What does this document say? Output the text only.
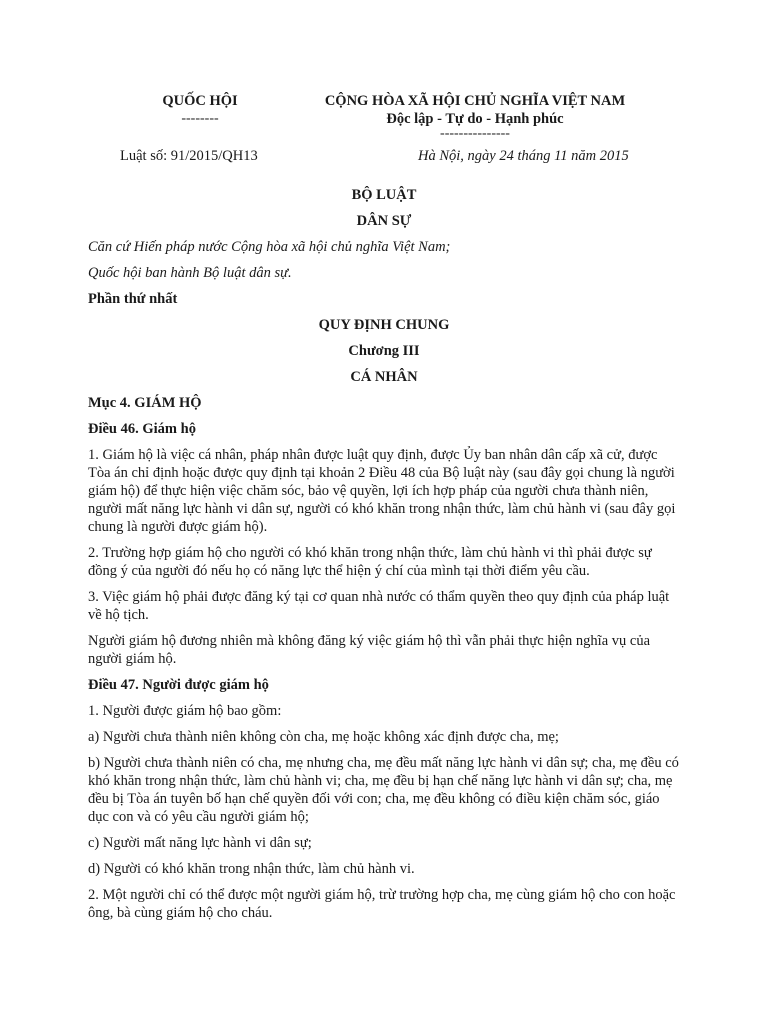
QUỐC HỘI
--------
CỘNG HÒA XÃ HỘI CHỦ NGHĨA VIỆT NAM
Độc lập - Tự do - Hạnh phúc
---------------
Luật số: 91/2015/QH13	Hà Nội, ngày 24 tháng 11 năm 2015

BỘ LUẬT

DÂN SỰ

Căn cứ Hiến pháp nước Cộng hòa xã hội chủ nghĩa Việt Nam;

Quốc hội ban hành Bộ luật dân sự.

Phần thứ nhất

QUY ĐỊNH CHUNG

Chương III

CÁ NHÂN

Mục 4. GIÁM HỘ

Điều 46. Giám hộ

1. Giám hộ là việc cá nhân, pháp nhân được luật quy định, được Ủy ban nhân dân cấp xã cử, được Tòa án chỉ định hoặc được quy định tại khoản 2 Điều 48 của Bộ luật này (sau đây gọi chung là người giám hộ) để thực hiện việc chăm sóc, bảo vệ quyền, lợi ích hợp pháp của người chưa thành niên, người mất năng lực hành vi dân sự, người có khó khăn trong nhận thức, làm chủ hành vi (sau đây gọi chung là người được giám hộ).

2. Trường hợp giám hộ cho người có khó khăn trong nhận thức, làm chủ hành vi thì phải được sự đồng ý của người đó nếu họ có năng lực thể hiện ý chí của mình tại thời điểm yêu cầu.

3. Việc giám hộ phải được đăng ký tại cơ quan nhà nước có thẩm quyền theo quy định của pháp luật về hộ tịch.

Người giám hộ đương nhiên mà không đăng ký việc giám hộ thì vẫn phải thực hiện nghĩa vụ của người giám hộ.

Điều 47. Người được giám hộ

1. Người được giám hộ bao gồm:

a) Người chưa thành niên không còn cha, mẹ hoặc không xác định được cha, mẹ;

b) Người chưa thành niên có cha, mẹ nhưng cha, mẹ đều mất năng lực hành vi dân sự; cha, mẹ đều có khó khăn trong nhận thức, làm chủ hành vi; cha, mẹ đều bị hạn chế năng lực hành vi dân sự; cha, mẹ đều bị Tòa án tuyên bố hạn chế quyền đối với con; cha, mẹ đều không có điều kiện chăm sóc, giáo dục con và có yêu cầu người giám hộ;

c) Người mất năng lực hành vi dân sự;

d) Người có khó khăn trong nhận thức, làm chủ hành vi.

2. Một người chỉ có thể được một người giám hộ, trừ trường hợp cha, mẹ cùng giám hộ cho con hoặc ông, bà cùng giám hộ cho cháu.
